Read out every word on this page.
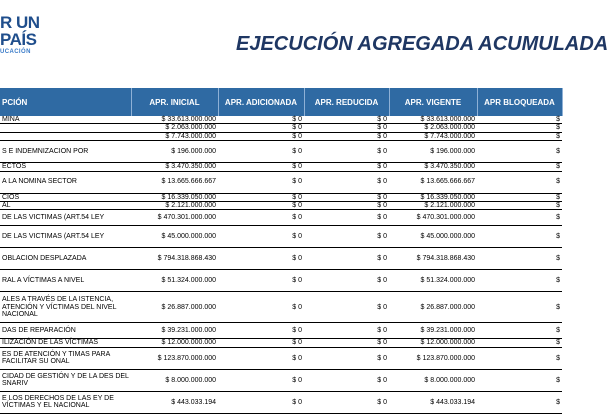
R UN
PAÍS
UCACIÓN	EJECUCIÓN AGREGADA ACUMULADA
PCIÓN	APR. INICIAL	APR. ADICIONADA	APR. REDUCIDA	APR. VIGENTE	APR BLOQUEADA
MINA	$ 33.613.000.000	$ 0	$ 0	$ 33.613.000.000	$
	$ 2.063.000.000	$ 0	$ 0	$ 2.063.000.000	$
	$ 7.743.000.000	$ 0	$ 0	$ 7.743.000.000	$
S E INDEMNIZACION POR	$ 196.000.000	$ 0	$ 0	$ 196.000.000	$
ECTOS	$ 3.470.350.000	$ 0	$ 0	$ 3.470.350.000	$
A LA NOMINA SECTOR	$ 13.665.666.667	$ 0	$ 0	$ 13.665.666.667	$
CIOS	$ 16.339.050.000	$ 0	$ 0	$ 16.339.050.000	$
AL	$ 2.121.000.000	$ 0	$ 0	$ 2.121.000.000	$
DE LAS VICTIMAS (ART.54 LEY	$ 470.301.000.000	$ 0	$ 0	$ 470.301.000.000	$
DE LAS VICTIMAS (ART.54 LEY	$ 45.000.000.000	$ 0	$ 0	$ 45.000.000.000	$
OBLACION DESPLAZADA	$ 794.318.868.430	$ 0	$ 0	$ 794.318.868.430	$
RAL A VÍCTIMAS A NIVEL	$ 51.324.000.000	$ 0	$ 0	$ 51.324.000.000	$
ALES A TRAVÉS DE LA ISTENCIA, ATENCIÓN Y VÍCTIMAS DEL NIVEL NACIONAL	$ 26.887.000.000	$ 0	$ 0	$ 26.887.000.000	$
DAS DE REPARACIÓN	$ 39.231.000.000	$ 0	$ 0	$ 39.231.000.000	$
ILIZACIÓN DE LAS VÍCTIMAS	$ 12.000.000.000	$ 0	$ 0	$ 12.000.000.000	$
ES DE ATENCIÓN Y TIMAS PARA FACILITAR SU ONAL	$ 123.870.000.000	$ 0	$ 0	$ 123.870.000.000	$
CIDAD DE GESTIÓN Y DE LA DES DEL SNARIV	$ 8.000.000.000	$ 0	$ 0	$ 8.000.000.000	$
E LOS DERECHOS DE LAS EY DE VÍCTIMAS Y EL NACIONAL	$ 443.033.194	$ 0	$ 0	$ 443.033.194	$
